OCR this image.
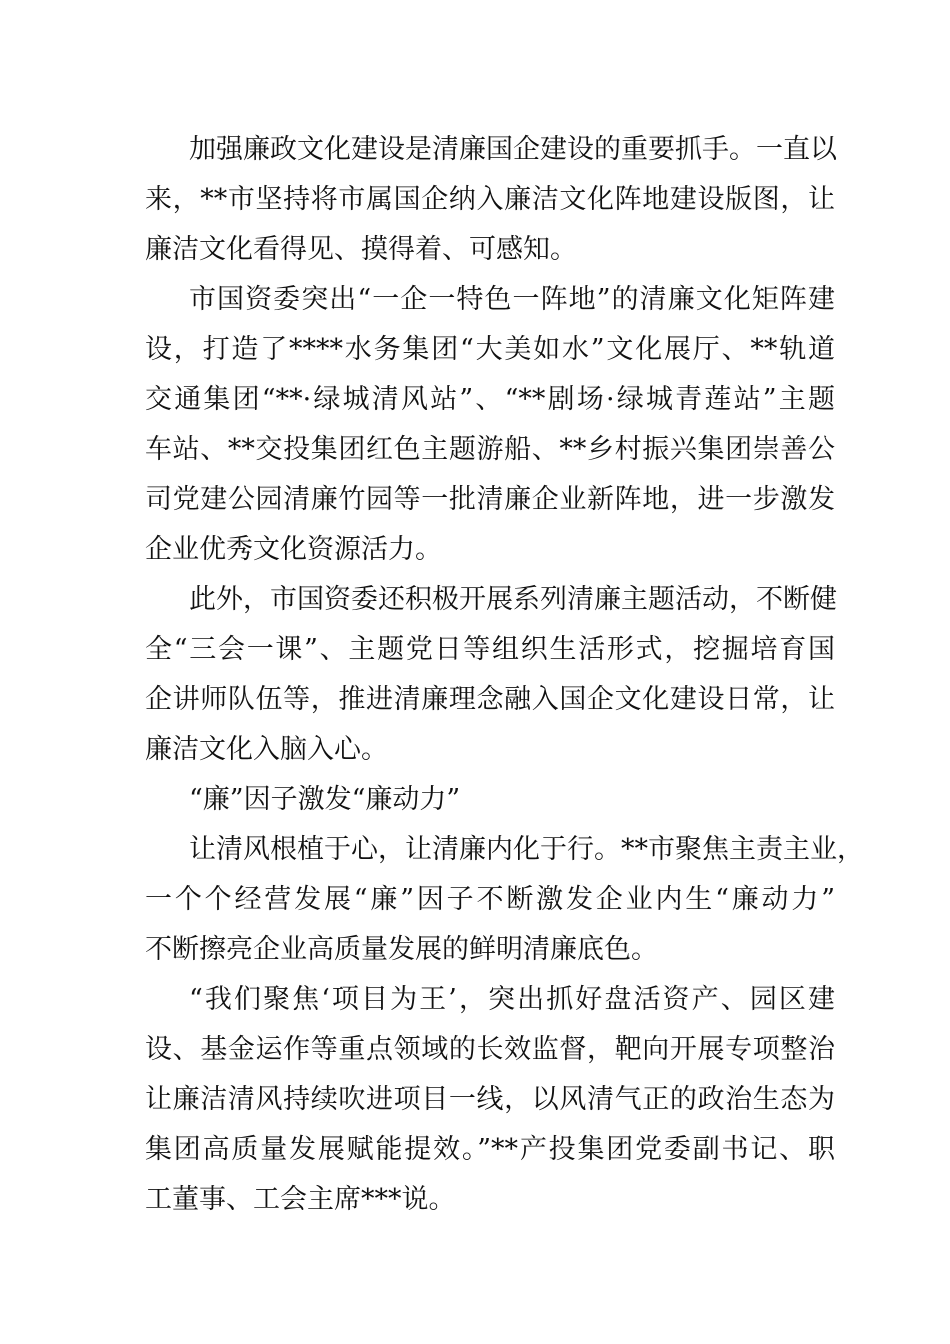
加强廉政文化建设是清廉国企建设的重要抓手。一直以

来，**市坚持将市属国企纳入廉洁文化阵地建设版图，让

廉洁文化看得见、摸得着、可感知。

市国资委突出“一企一特色一阵地”的清廉文化矩阵建

设，打造了****水务集团“大美如水”文化展厅、**轨道

交通集团“**·绿城清风站”、“**剧场·绿城青莲站”主题

车站、**交投集团红色主题游船、**乡村振兴集团崇善公

司党建公园清廉竹园等一批清廉企业新阵地，进一步激发

企业优秀文化资源活力。

此外，市国资委还积极开展系列清廉主题活动，不断健

全“三会一课”、主题党日等组织生活形式，挖掘培育国

企讲师队伍等，推进清廉理念融入国企文化建设日常，让

廉洁文化入脑入心。

“廉”因子激发“廉动力”

让清风根植于心，让清廉内化于行。**市聚焦主责主业，

一个个经营发展“廉”因子不断激发企业内生“廉动力”

不断擦亮企业高质量发展的鲜明清廉底色。

“我们聚焦‘项目为王’，突出抓好盘活资产、园区建

设、基金运作等重点领域的长效监督，靶向开展专项整治

让廉洁清风持续吹进项目一线，以风清气正的政治生态为

集团高质量发展赋能提效。”**产投集团党委副书记、职

工董事、工会主席***说。
